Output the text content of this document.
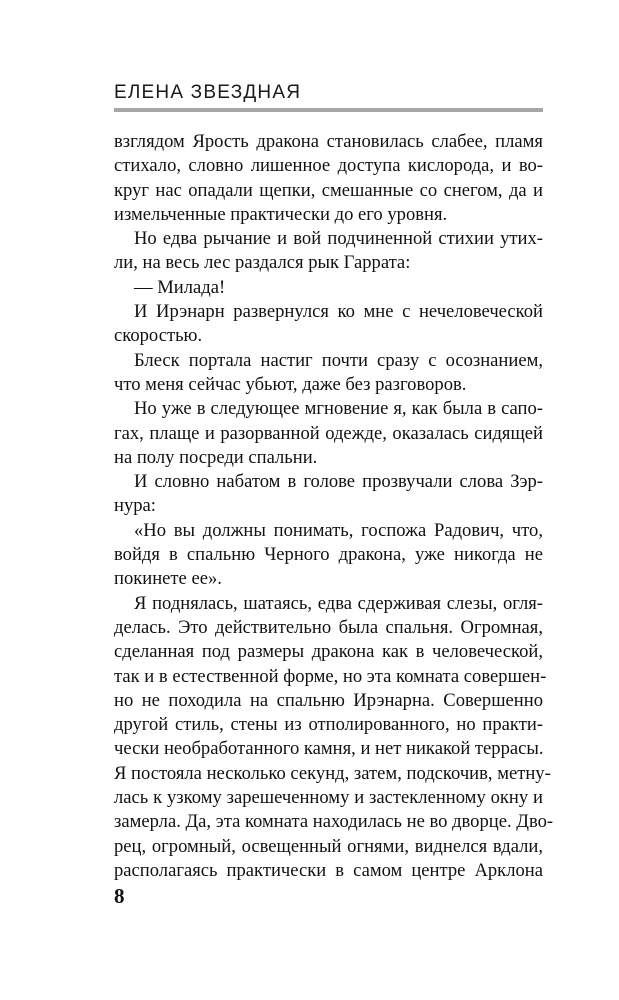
ЕЛЕНА ЗВЕЗДНАЯ
взглядом Ярость дракона становилась слабее, пламя
стихало, словно лишенное доступа кислорода, и во-
круг нас опадали щепки, смешанные со снегом, да и
измельченные практически до его уровня.
Но едва рычание и вой подчиненной стихии утих-
ли, на весь лес раздался рык Гаррата:
— Милада!
И Ирэнарн развернулся ко мне с нечеловеческой
скоростью.
Блеск портала настиг почти сразу с осознанием,
что меня сейчас убьют, даже без разговоров.
Но уже в следующее мгновение я, как была в сапо-
гах, плаще и разорванной одежде, оказалась сидящей
на полу посреди спальни.
И словно набатом в голове прозвучали слова Зэр-
нура:
«Но вы должны понимать, госпожа Радович, что,
войдя в спальню Черного дракона, уже никогда не
покинете ее».
Я поднялась, шатаясь, едва сдерживая слезы, огля-
делась. Это действительно была спальня. Огромная,
сделанная под размеры дракона как в человеческой,
так и в естественной форме, но эта комната совершен-
но не походила на спальню Ирэнарна. Совершенно
другой стиль, стены из отполированного, но практи-
чески необработанного камня, и нет никакой террасы.
Я постояла несколько секунд, затем, подскочив, метну-
лась к узкому зарешеченному и застекленному окну и
замерла. Да, эта комната находилась не во дворце. Дво-
рец, огромный, освещенный огнями, виднелся вдали,
располагаясь практически в самом центре Арклона
8
